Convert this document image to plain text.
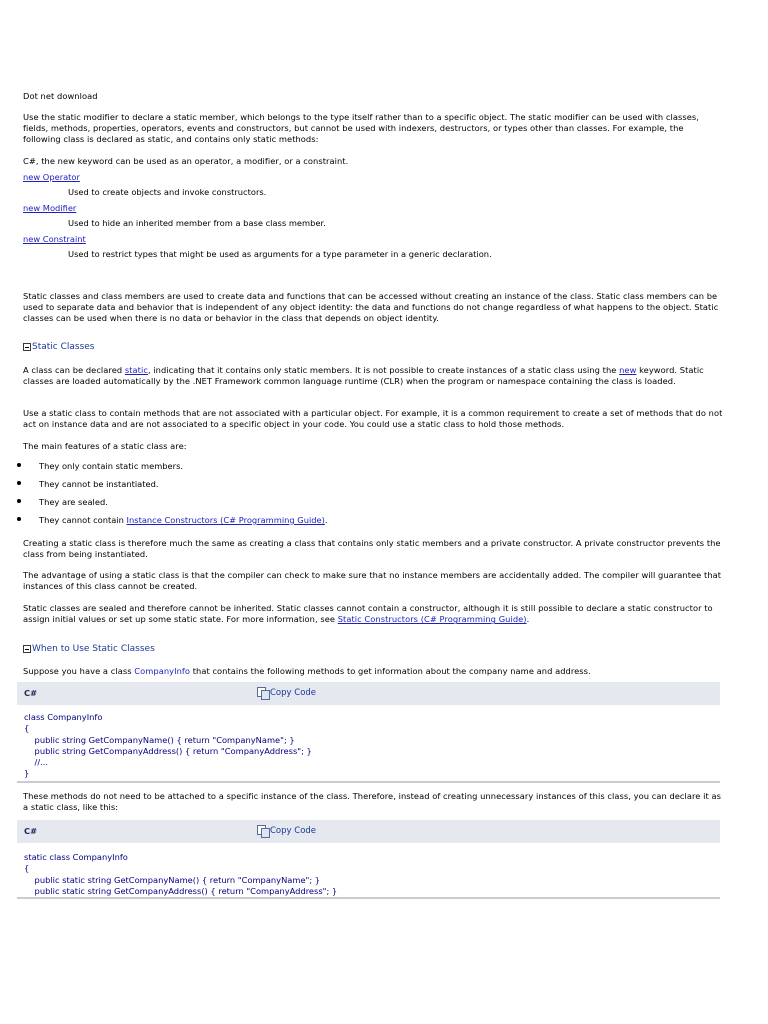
Dot net download
Use the static modifier to declare a static member, which belongs to the type itself rather than to a specific object. The static modifier can be used with classes, fields, methods, properties, operators, events and constructors, but cannot be used with indexers, destructors, or types other than classes. For example, the following class is declared as static, and contains only static methods:
C#, the new keyword can be used as an operator, a modifier, or a constraint.
new Operator
Used to create objects and invoke constructors.
new Modifier
Used to hide an inherited member from a base class member.
new Constraint
Used to restrict types that might be used as arguments for a type parameter in a generic declaration.
Static classes and class members are used to create data and functions that can be accessed without creating an instance of the class. Static class members can be used to separate data and behavior that is independent of any object identity: the data and functions do not change regardless of what happens to the object. Static classes can be used when there is no data or behavior in the class that depends on object identity.
Static Classes
A class can be declared static, indicating that it contains only static members. It is not possible to create instances of a static class using the new keyword. Static classes are loaded automatically by the .NET Framework common language runtime (CLR) when the program or namespace containing the class is loaded.
Use a static class to contain methods that are not associated with a particular object. For example, it is a common requirement to create a set of methods that do not act on instance data and are not associated to a specific object in your code. You could use a static class to hold those methods.
The main features of a static class are:
They only contain static members.
They cannot be instantiated.
They are sealed.
They cannot contain Instance Constructors (C# Programming Guide).
Creating a static class is therefore much the same as creating a class that contains only static members and a private constructor. A private constructor prevents the class from being instantiated.
The advantage of using a static class is that the compiler can check to make sure that no instance members are accidentally added. The compiler will guarantee that instances of this class cannot be created.
Static classes are sealed and therefore cannot be inherited. Static classes cannot contain a constructor, although it is still possible to declare a static constructor to assign initial values or set up some static state. For more information, see Static Constructors (C# Programming Guide).
When to Use Static Classes
Suppose you have a class CompanyInfo that contains the following methods to get information about the company name and address.
C#	Copy Code
class CompanyInfo
{
public string GetCompanyName() { return "CompanyName"; }
public string GetCompanyAddress() { return "CompanyAddress"; }
//...
}
These methods do not need to be attached to a specific instance of the class. Therefore, instead of creating unnecessary instances of this class, you can declare it as a static class, like this:
C#	Copy Code
static class CompanyInfo
{
public static string GetCompanyName() { return "CompanyName"; }
public static string GetCompanyAddress() { return "CompanyAddress"; }
